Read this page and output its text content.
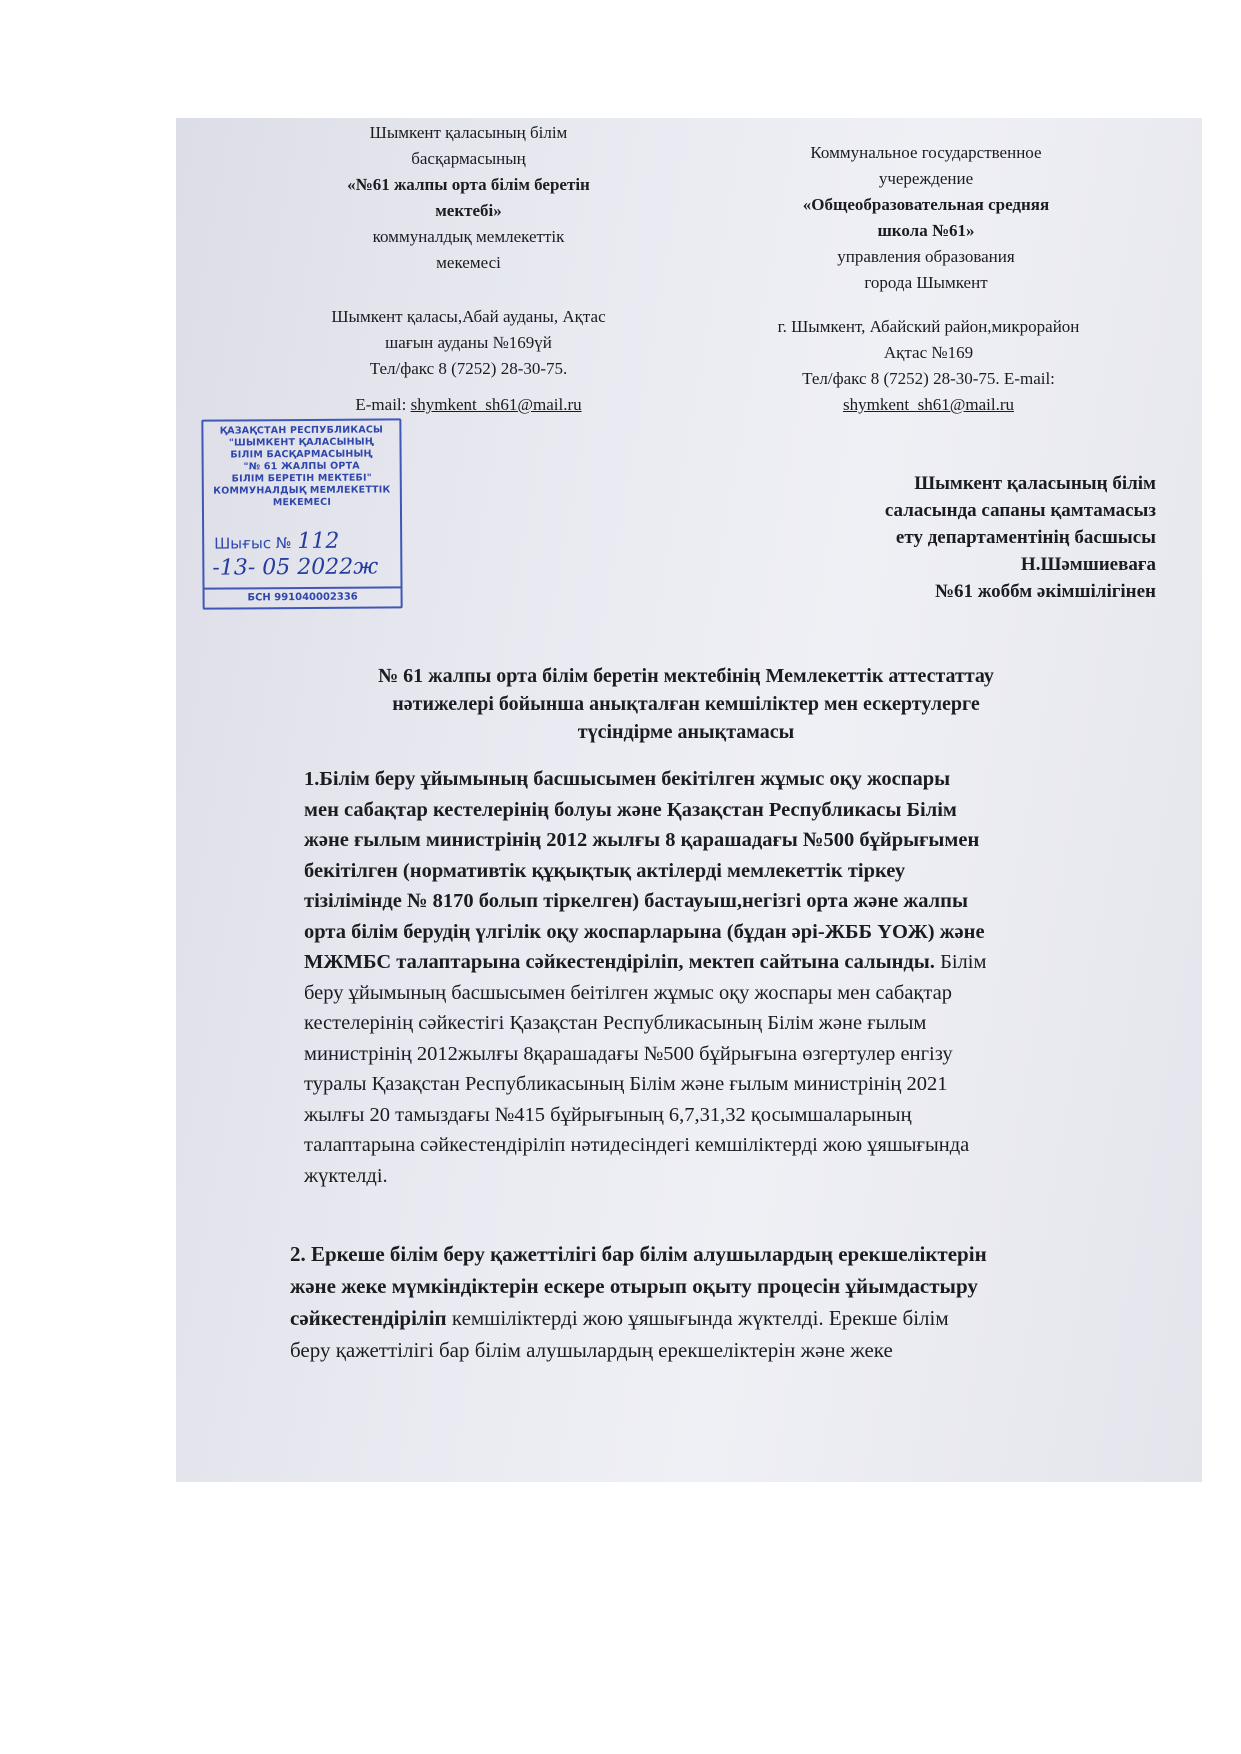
Шымкент қаласының білім
басқармасының
«№61 жалпы орта білім беретін
мектебі»
коммуналдық мемлекеттік
мекемесі
Шымкент қаласы,Абай ауданы, Ақтас
шағын ауданы №169үй
Тел/факс 8 (7252) 28-30-75.
E-mail: shymkent_sh61@mail.ru
Коммунальное государственное
учереждение
«Общеобразовательная средняя
школа №61»
управления образования
города Шымкент
г. Шымкент, Абайский район,микрорайон
Ақтас №169
Тел/факс 8 (7252) 28-30-75. E-mail:
shymkent_sh61@mail.ru
ҚАЗАҚСТАН РЕСПУБЛИКАСЫ
"ШЫМКЕНТ ҚАЛАСЫНЫҢ
БІЛІМ БАСҚАРМАСЫНЫҢ
"№ 61 ЖАЛПЫ ОРТА
БІЛІМ БЕРЕТІН МЕКТЕБІ"
КОММУНАЛДЫҚ МЕМЛЕКЕТТІК
МЕКЕМЕСІ
Шығыс № 112
-13- 05 2022ж
БСН 991040002336
Шымкент қаласының білім
саласында сапаны қамтамасыз
ету департаментінің басшысы
Н.Шәмшиеваға
№61 жоббм әкімшілігінен
№ 61 жалпы орта білім беретін мектебінің Мемлекеттік аттестаттау
нәтижелері бойынша анықталған кемшіліктер мен ескертулерге
түсіндірме анықтамасы
1.Білім беру ұйымының басшысымен бекітілген жұмыс оқу жоспары
мен сабақтар кестелерінің болуы және Қазақстан Республикасы Білім
және ғылым министрінің 2012 жылғы 8 қарашадағы №500 бұйрығымен
бекітілген (нормативтік құқықтық актілерді мемлекеттік тіркеу
тізілімінде № 8170 болып тіркелген) бастауыш,негізгі орта және жалпы
орта білім берудің үлгілік оқу жоспарларына (бұдан әрі-ЖББ ҮОЖ) және
МЖМБС талаптарына сәйкестендіріліп, мектеп сайтына салынды. Білім
беру ұйымының басшысымен беітілген жұмыс оқу жоспары мен сабақтар
кестелерінің сәйкестігі Қазақстан Республикасының Білім және ғылым
министрінің 2012жылғы 8қарашадағы №500 бұйрығына өзгертулер енгізу
туралы Қазақстан Республикасының Білім және ғылым министрінің 2021
жылғы 20 тамыздағы №415 бұйрығының 6,7,31,32 қосымшаларының
талаптарына сәйкестендіріліп нәтидесіндегі кемшіліктерді жою ұяшығында
жүктелді.
2. Еркеше білім беру қажеттілігі бар білім алушылардың ерекшеліктерін
және жеке мүмкіндіктерін ескере отырып оқыту процесін ұйымдастыру
сәйкестендіріліп кемшіліктерді жою ұяшығында жүктелді. Ерекше білім
беру қажеттілігі бар білім алушылардың ерекшеліктерін және жеке
